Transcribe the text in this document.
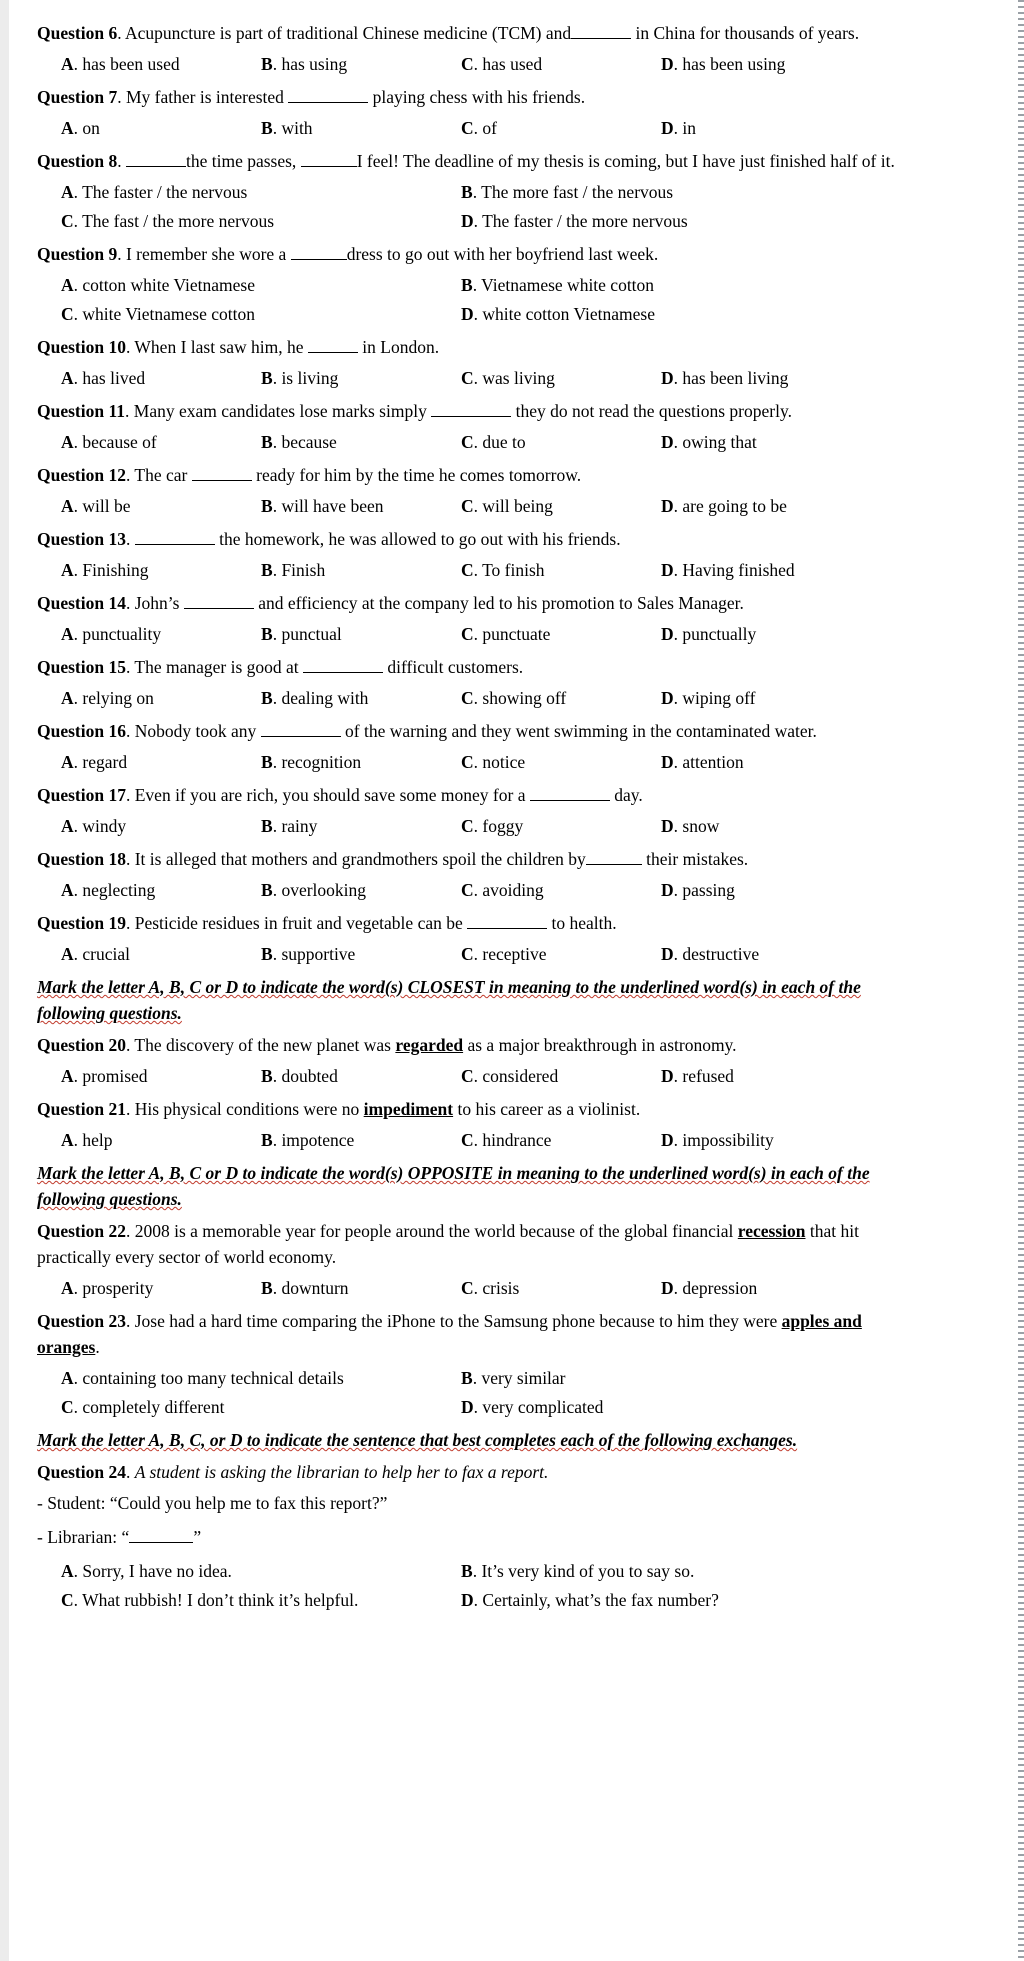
Question 6. Acupuncture is part of traditional Chinese medicine (TCM) and	in China for thousands of years.
A. has been used	B. has using	C. has used	D. has been using
Question 7. My father is interested	playing chess with his friends.
A. on	B. with	C. of	D. in
Question 8.	the time passes,	I feel! The deadline of my thesis is coming, but I have just finished half of it.
A. The faster / the nervous	B. The more fast / the nervous
C. The fast / the more nervous	D. The faster / the more nervous
Question 9. I remember she wore a	dress to go out with her boyfriend last week.
A. cotton white Vietnamese	B. Vietnamese white cotton
C. white Vietnamese cotton	D. white cotton Vietnamese
Question 10. When I last saw him, he	in London.
A. has lived	B. is living	C. was living	D. has been living
Question 11. Many exam candidates lose marks simply	they do not read the questions properly.
A. because of	B. because	C. due to	D. owing that
Question 12. The car	ready for him by the time he comes tomorrow.
A. will be	B. will have been	C. will being	D. are going to be
Question 13.	the homework, he was allowed to go out with his friends.
A. Finishing	B. Finish	C. To finish	D. Having finished
Question 14. John’s	and efficiency at the company led to his promotion to Sales Manager.
A. punctuality	B. punctual	C. punctuate	D. punctually
Question 15. The manager is good at	difficult customers.
A. relying on	B. dealing with	C. showing off	D. wiping off
Question 16. Nobody took any	of the warning and they went swimming in the contaminated water.
A. regard	B. recognition	C. notice	D. attention
Question 17. Even if you are rich, you should save some money for a	day.
A. windy	B. rainy	C. foggy	D. snow
Question 18. It is alleged that mothers and grandmothers spoil the children by	their mistakes.
A. neglecting	B. overlooking	C. avoiding	D. passing
Question 19. Pesticide residues in fruit and vegetable can be	to health.
A. crucial	B. supportive	C. receptive	D. destructive
Mark the letter A, B, C or D to indicate the word(s) CLOSEST in meaning to the underlined word(s) in each of the following questions.
Question 20. The discovery of the new planet was regarded as a major breakthrough in astronomy.
A. promised	B. doubted	C. considered	D. refused
Question 21. His physical conditions were no impediment to his career as a violinist.
A. help	B. impotence	C. hindrance	D. impossibility
Mark the letter A, B, C or D to indicate the word(s) OPPOSITE in meaning to the underlined word(s) in each of the following questions.
Question 22. 2008 is a memorable year for people around the world because of the global financial recession that hit practically every sector of world economy.
A. prosperity	B. downturn	C. crisis	D. depression
Question 23. Jose had a hard time comparing the iPhone to the Samsung phone because to him they were apples and oranges.
A. containing too many technical details	B. very similar
C. completely different	D. very complicated
Mark the letter A, B, C, or D to indicate the sentence that best completes each of the following exchanges.
Question 24. A student is asking the librarian to help her to fax a report.
- Student: “Could you help me to fax this report?”
- Librarian: “	”
A. Sorry, I have no idea.	B. It’s very kind of you to say so.
C. What rubbish! I don’t think it’s helpful.	D. Certainly, what’s the fax number?
